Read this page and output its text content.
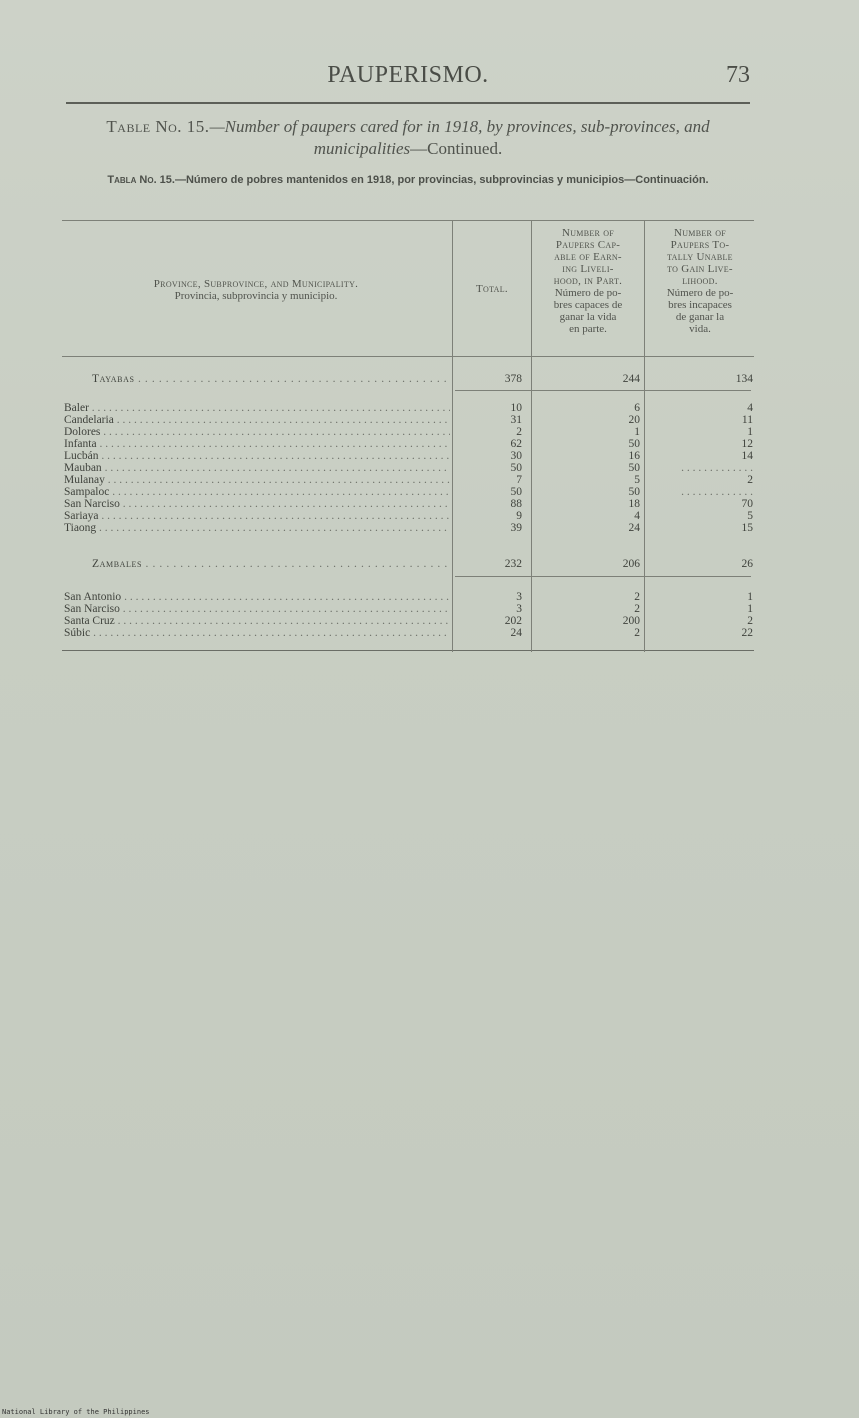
PAUPERISMO.	73
Table No. 15.—Number of paupers cared for in 1918, by provinces, sub-provinces, and municipalities—Continued.
Tabla No. 15.—Número de pobres mantenidos en 1918, por provincias, subprovincias y municipios—Continuación.
Province, Subprovince, and Municipality.
Provincia, subprovincia y municipio.
Total.
Number of
Paupers Cap-
able of Earn-
ing Liveli-
hood, in Part.
Número de po-
bres capaces de
ganar la vida
en parte.
Number of
Paupers To-
tally Unable
to Gain Live-
lihood.
Número de po-
bres incapaces
de ganar la
vida.
Tayabas . . .	378	244	134
Baler . . .	10	6	4
Candelaria . . .	31	20	11
Dolores . . .	2	1	1
Infanta . . .	62	50	12
Lucbán . . .	30	16	14
Mauban . . .	50	50	. . . . . . . . . . . . .
Mulanay . . .	7	5	2
Sampaloc . . .	50	50	. . . . . . . . . . . . .
San Narciso . . .	88	18	70
Sariaya . . .	9	4	5
Tiaong . . .	39	24	15
Zambales . . .	232	206	26
San Antonio . . .	3	2	1
San Narciso . . .	3	2	1
Santa Cruz . . .	202	200	2
Súbic . . .	24	2	22
National Library of the Philippines
